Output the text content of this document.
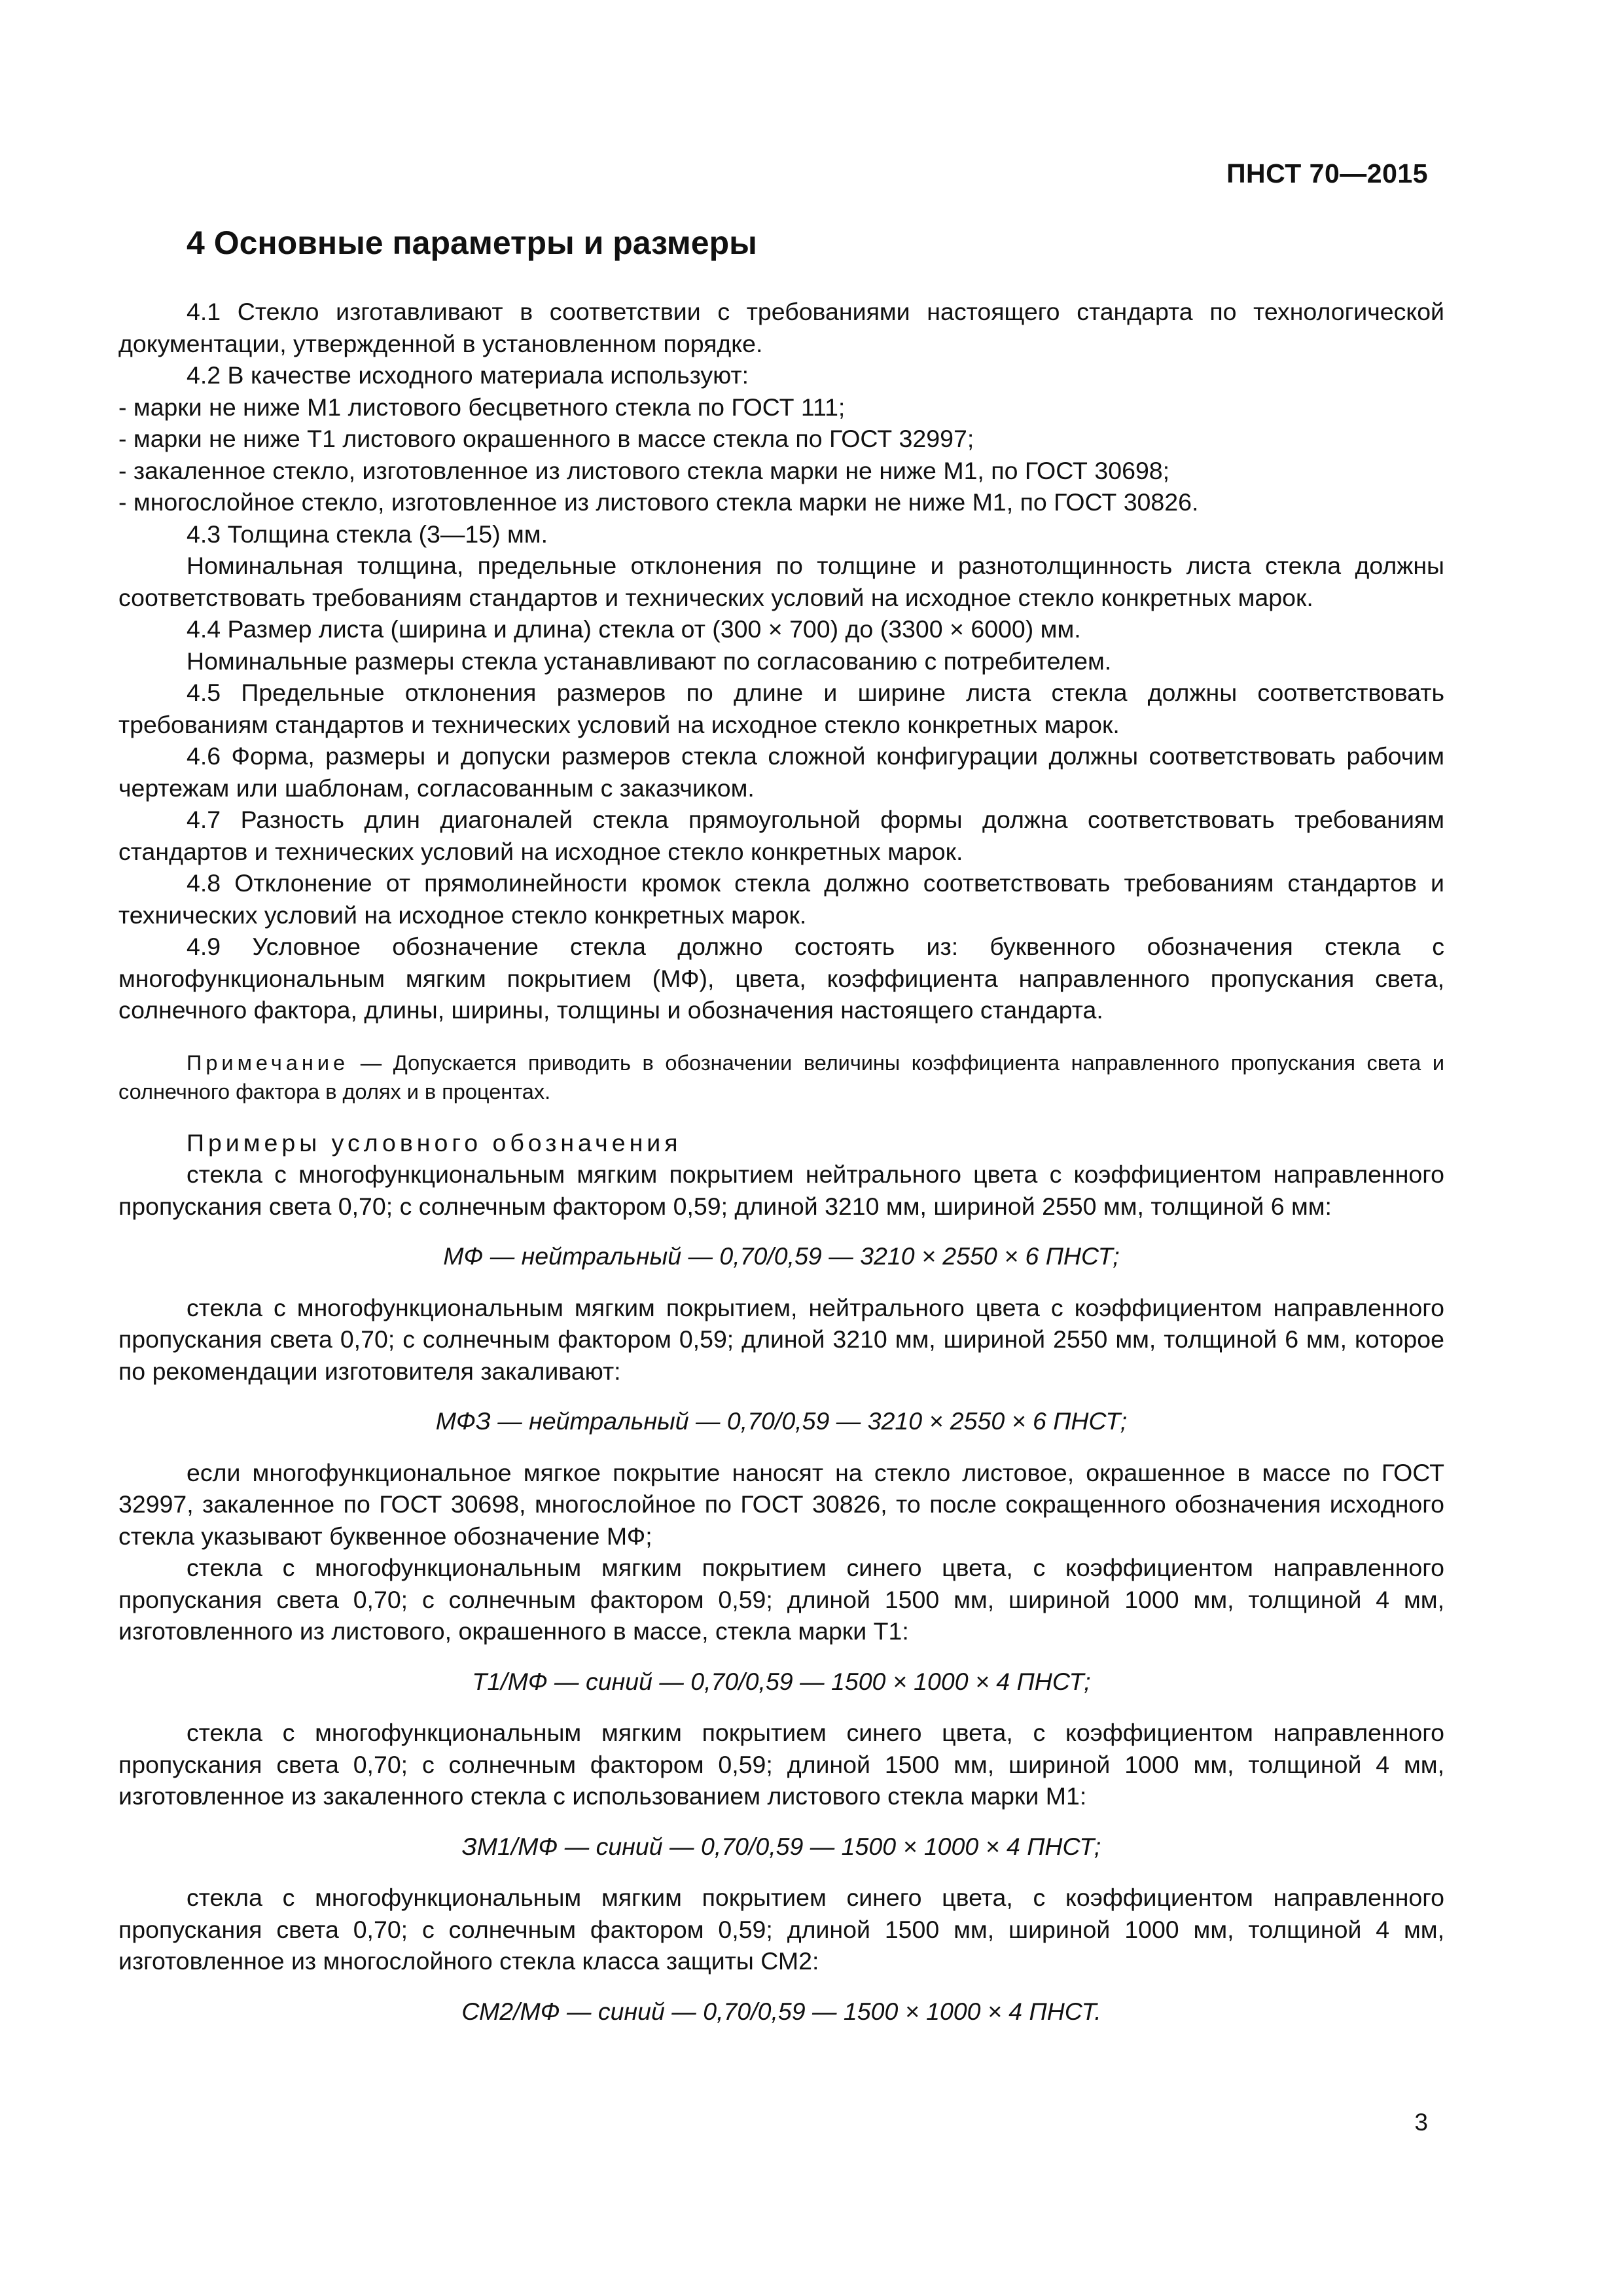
ПНСТ 70—2015
4 Основные параметры и размеры

4.1 Стекло изготавливают в соответствии с требованиями настоящего стандарта по технологической документации, утвержденной в установленном порядке.

4.2 В качестве исходного материала используют:

- марки не ниже М1 листового бесцветного стекла по ГОСТ 111;

- марки не ниже Т1 листового окрашенного в массе стекла по ГОСТ 32997;

- закаленное стекло, изготовленное из листового стекла марки не ниже М1, по ГОСТ 30698;

- многослойное стекло, изготовленное из листового стекла марки не ниже М1, по ГОСТ 30826.

4.3 Толщина стекла (3—15) мм.

Номинальная толщина, предельные отклонения по толщине и разнотолщинность листа стекла должны соответствовать требованиям стандартов и технических условий на исходное стекло конкретных марок.

4.4 Размер листа (ширина и длина) стекла от (300 × 700) до (3300 × 6000) мм.

Номинальные размеры стекла устанавливают по согласованию с потребителем.

4.5 Предельные отклонения размеров по длине и ширине листа стекла должны соответствовать требованиям стандартов и технических условий на исходное стекло конкретных марок.

4.6 Форма, размеры и допуски размеров стекла сложной конфигурации должны соответствовать рабочим чертежам или шаблонам, согласованным с заказчиком.

4.7 Разность длин диагоналей стекла прямоугольной формы должна соответствовать требованиям стандартов и технических условий на исходное стекло конкретных марок.

4.8 Отклонение от прямолинейности кромок стекла должно соответствовать требованиям стандартов и технических условий на исходное стекло конкретных марок.

4.9 Условное обозначение стекла должно состоять из: буквенного обозначения стекла с многофункциональным мягким покрытием (МФ), цвета, коэффициента направленного пропускания света, солнечного фактора, длины, ширины, толщины и обозначения настоящего стандарта.

Примечание — Допускается приводить в обозначении величины коэффициента направленного пропускания света и солнечного фактора в долях и в процентах.

Примеры условного обозначения

стекла с многофункциональным мягким покрытием нейтрального цвета с коэффициентом направленного пропускания света 0,70; с солнечным фактором 0,59; длиной 3210 мм, шириной 2550 мм, толщиной 6 мм:

МФ — нейтральный — 0,70/0,59 — 3210 × 2550 × 6 ПНСТ;

стекла с многофункциональным мягким покрытием, нейтрального цвета с коэффициентом направленного пропускания света 0,70; с солнечным фактором 0,59; длиной 3210 мм, шириной 2550 мм, толщиной 6 мм, которое по рекомендации изготовителя закаливают:

МФЗ — нейтральный — 0,70/0,59 — 3210 × 2550 × 6 ПНСТ;

если многофункциональное мягкое покрытие наносят на стекло листовое, окрашенное в массе по ГОСТ 32997, закаленное по ГОСТ 30698, многослойное по ГОСТ 30826, то после сокращенного обозначения исходного стекла указывают буквенное обозначение МФ;

стекла с многофункциональным мягким покрытием синего цвета, с коэффициентом направленного пропускания света 0,70; с солнечным фактором 0,59; длиной 1500 мм, шириной 1000 мм, толщиной 4 мм, изготовленного из листового, окрашенного в массе, стекла марки Т1:

Т1/МФ — синий — 0,70/0,59 — 1500 × 1000 × 4 ПНСТ;

стекла с многофункциональным мягким покрытием синего цвета, с коэффициентом направленного пропускания света 0,70; с солнечным фактором 0,59; длиной 1500 мм, шириной 1000 мм, толщиной 4 мм, изготовленное из закаленного стекла с использованием листового стекла марки М1:

ЗМ1/МФ — синий — 0,70/0,59 — 1500 × 1000 × 4 ПНСТ;

стекла с многофункциональным мягким покрытием синего цвета, с коэффициентом направленного пропускания света 0,70; с солнечным фактором 0,59; длиной 1500 мм, шириной 1000 мм, толщиной 4 мм, изготовленное из многослойного стекла класса защиты СМ2:

СМ2/МФ — синий — 0,70/0,59 — 1500 × 1000 × 4 ПНСТ.

3
